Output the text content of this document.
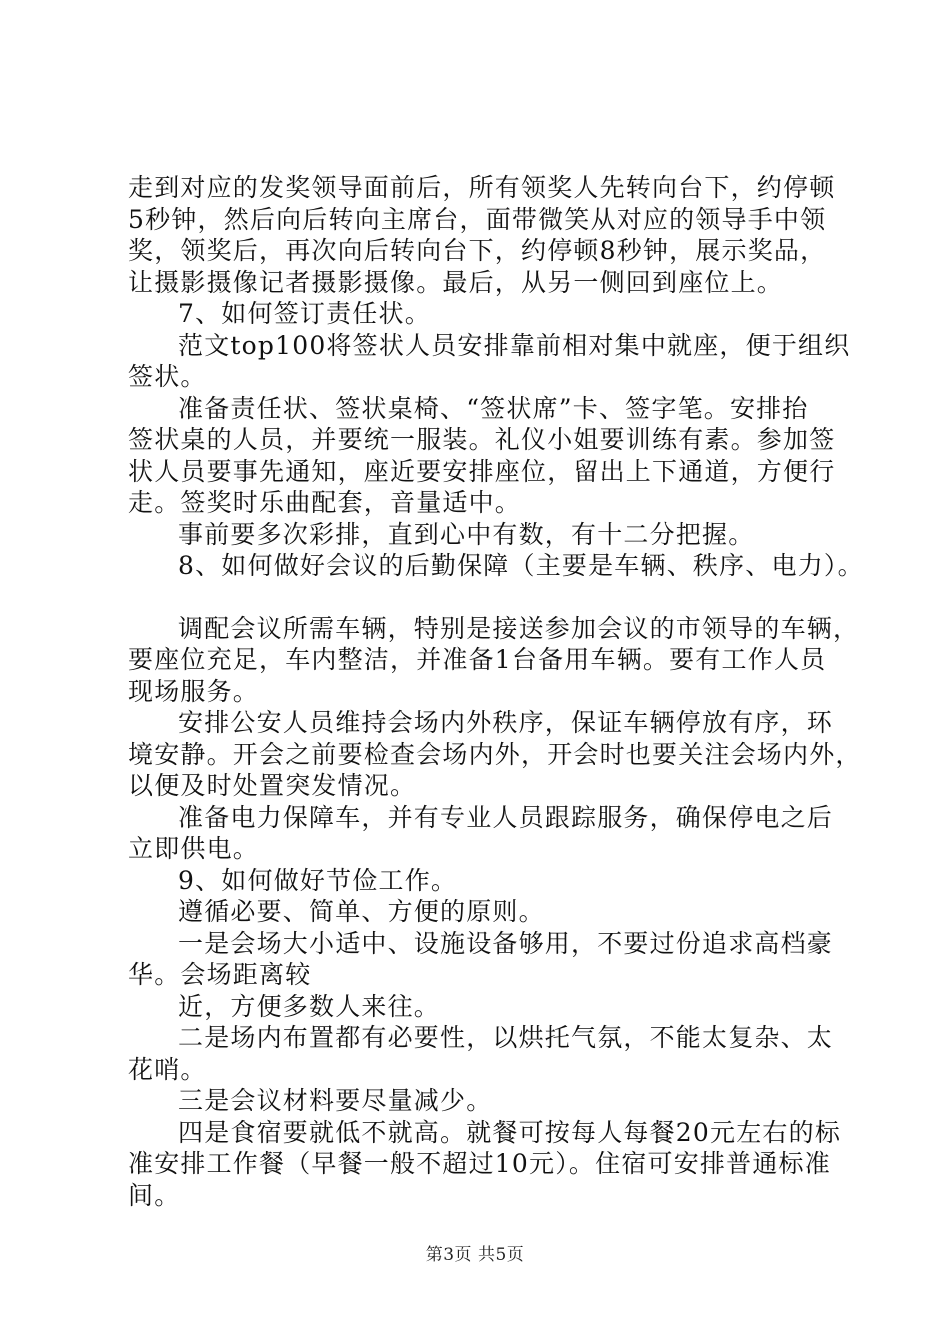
走到对应的发奖领导面前后，所有领奖人先转向台下，约停顿

5秒钟，然后向后转向主席台，面带微笑从对应的领导手中领

奖，领奖后，再次向后转向台下，约停顿8秒钟，展示奖品，

让摄影摄像记者摄影摄像。最后，从另一侧回到座位上。

7、如何签订责任状。

范文top100将签状人员安排靠前相对集中就座，便于组织

签状。

准备责任状、签状桌椅、“签状席”卡、签字笔。安排抬

签状桌的人员，并要统一服装。礼仪小姐要训练有素。参加签

状人员要事先通知，座近要安排座位，留出上下通道，方便行

走。签奖时乐曲配套，音量适中。

事前要多次彩排，直到心中有数，有十二分把握。

8、如何做好会议的后勤保障（主要是车辆、秩序、电力）。

调配会议所需车辆，特别是接送参加会议的市领导的车辆，

要座位充足，车内整洁，并准备1台备用车辆。要有工作人员

现场服务。

安排公安人员维持会场内外秩序，保证车辆停放有序，环

境安静。开会之前要检查会场内外，开会时也要关注会场内外，

以便及时处置突发情况。

准备电力保障车，并有专业人员跟踪服务，确保停电之后

立即供电。

9、如何做好节俭工作。

遵循必要、简单、方便的原则。

一是会场大小适中、设施设备够用，不要过份追求高档豪

华。会场距离较

近，方便多数人来往。

二是场内布置都有必要性，以烘托气氛，不能太复杂、太

花哨。

三是会议材料要尽量减少。

四是食宿要就低不就高。就餐可按每人每餐20元左右的标

准安排工作餐（早餐一般不超过10元）。住宿可安排普通标准

间。

第3页 共5页
